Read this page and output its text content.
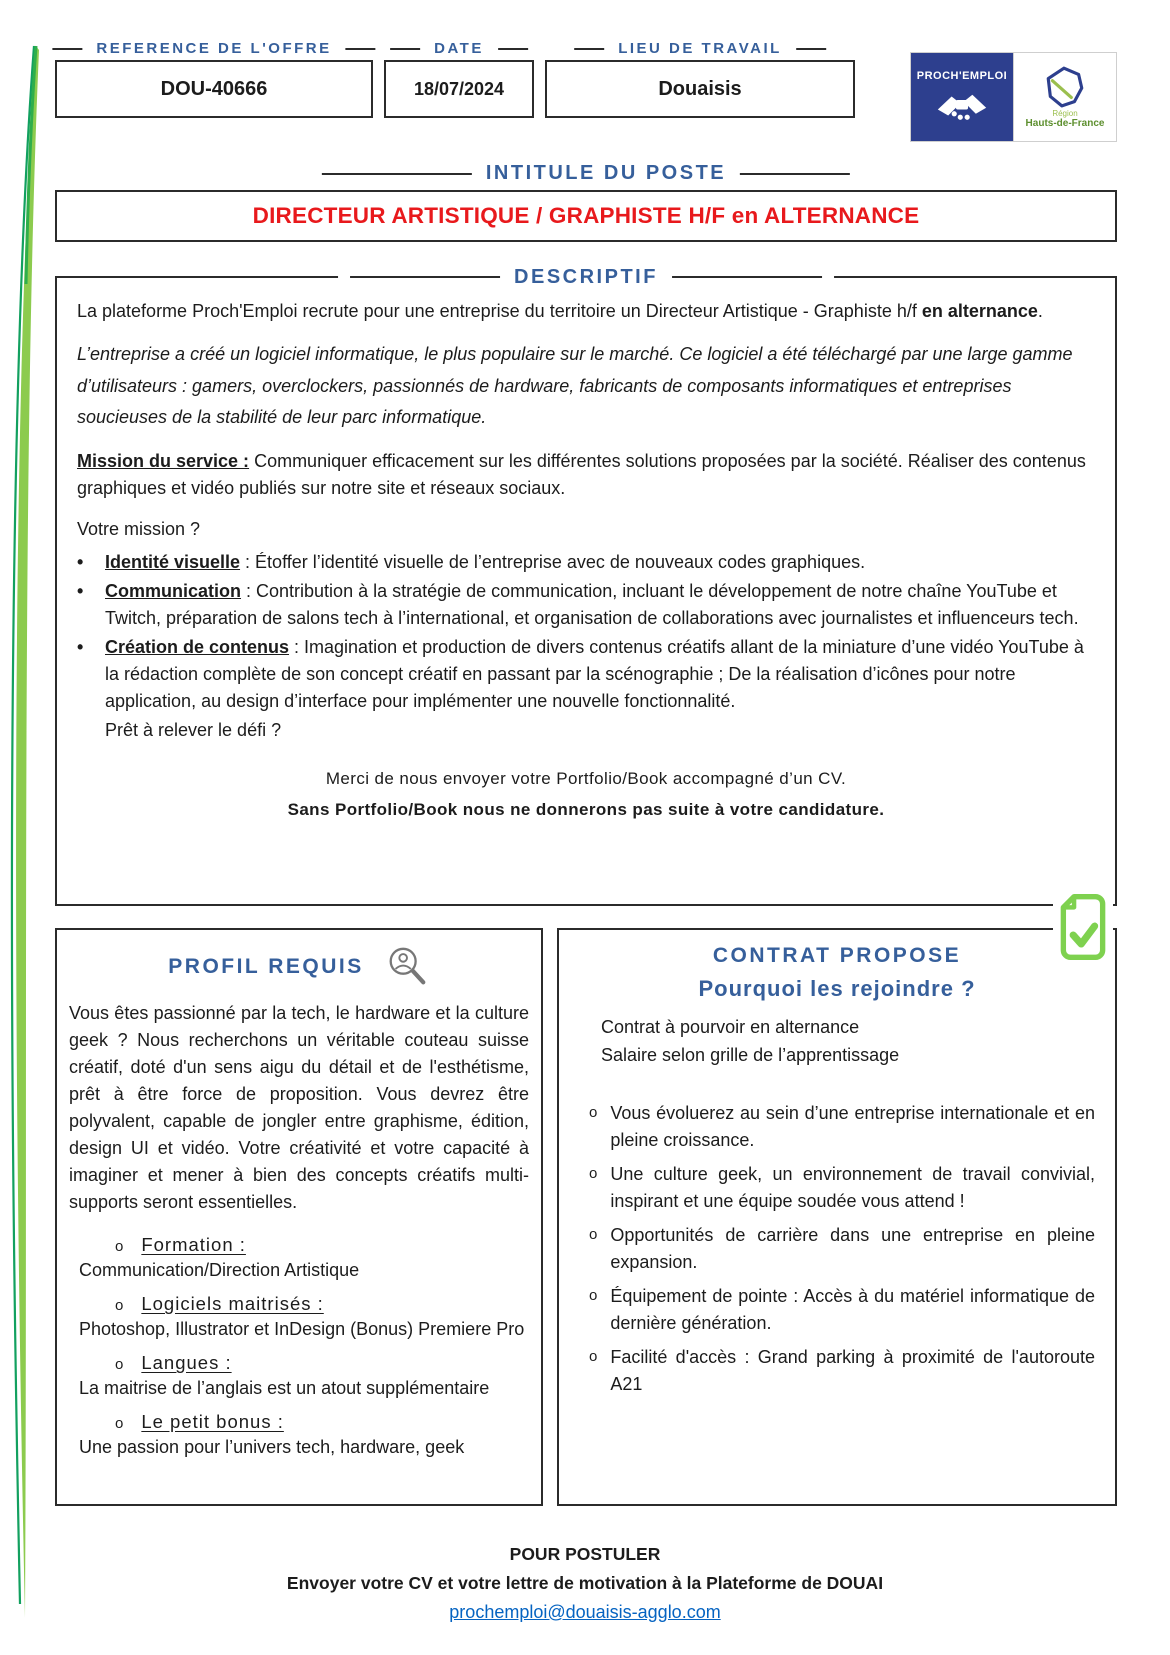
REFERENCE DE L'OFFRE
DOU-40666
DATE
18/07/2024
LIEU DE TRAVAIL
Douaisis
PROCH'EMPLOI
Région
Hauts-de-France
INTITULE DU POSTE
DIRECTEUR ARTISTIQUE / GRAPHISTE H/F en ALTERNANCE
DESCRIPTIF

La plateforme Proch'Emploi recrute pour une entreprise du territoire un Directeur Artistique - Graphiste h/f en alternance.

L’entreprise a créé un logiciel informatique, le plus populaire sur le marché. Ce logiciel a été téléchargé par une large gamme d’utilisateurs : gamers, overclockers, passionnés de hardware, fabricants de composants informatiques et entreprises soucieuses de la stabilité de leur parc informatique.

Mission du service : Communiquer efficacement sur les différentes solutions proposées par la société. Réaliser des contenus graphiques et vidéo publiés sur notre site et réseaux sociaux.

Votre mission ?

•
Identité visuelle : Étoffer l’identité visuelle de l’entreprise avec de nouveaux codes graphiques.
•
Communication : Contribution à la stratégie de communication, incluant le développement de notre chaîne YouTube et Twitch, préparation de salons tech à l’international, et organisation de collaborations avec journalistes et influenceurs tech.
•
Création de contenus : Imagination et production de divers contenus créatifs allant de la miniature d’une vidéo YouTube à la rédaction complète de son concept créatif en passant par la scénographie ; De la réalisation d’icônes pour notre application, au design d’interface pour implémenter une nouvelle fonctionnalité.
Prêt à relever le défi ?
Merci de nous envoyer votre Portfolio/Book accompagné d’un CV.
Sans Portfolio/Book nous ne donnerons pas suite à votre candidature.
PROFIL REQUIS

Vous êtes passionné par la tech, le hardware et la culture geek ? Nous recherchons un véritable couteau suisse créatif, doté d'un sens aigu du détail et de l'esthétisme, prêt à être force de proposition. Vous devrez être polyvalent, capable de jongler entre graphisme, édition, design UI et vidéo. Votre créativité et votre capacité à imaginer et mener à bien des concepts créatifs multi-supports seront essentielles.

o
Formation :
Communication/Direction Artistique
o
Logiciels maitrisés :
Photoshop, Illustrator et InDesign (Bonus) Premiere Pro
o
Langues :
La maitrise de l’anglais est un atout supplémentaire
o
Le petit bonus :
Une passion pour l’univers tech, hardware, geek
CONTRAT PROPOSE
Pourquoi les rejoindre ?
Contrat à pourvoir en alternance
Salaire selon grille de l’apprentissage
o
Vous évoluerez au sein d’une entreprise internationale et en pleine croissance.
o
Une culture geek, un environnement de travail convivial, inspirant et une équipe soudée vous attend !
o
Opportunités de carrière dans une entreprise en pleine expansion.
o
Équipement de pointe : Accès à du matériel informatique de dernière génération.
o
Facilité d'accès : Grand parking à proximité de l'autoroute A21
POUR POSTULER
Envoyer votre CV et votre lettre de motivation à la Plateforme de DOUAI
prochemploi@douaisis-agglo.com
